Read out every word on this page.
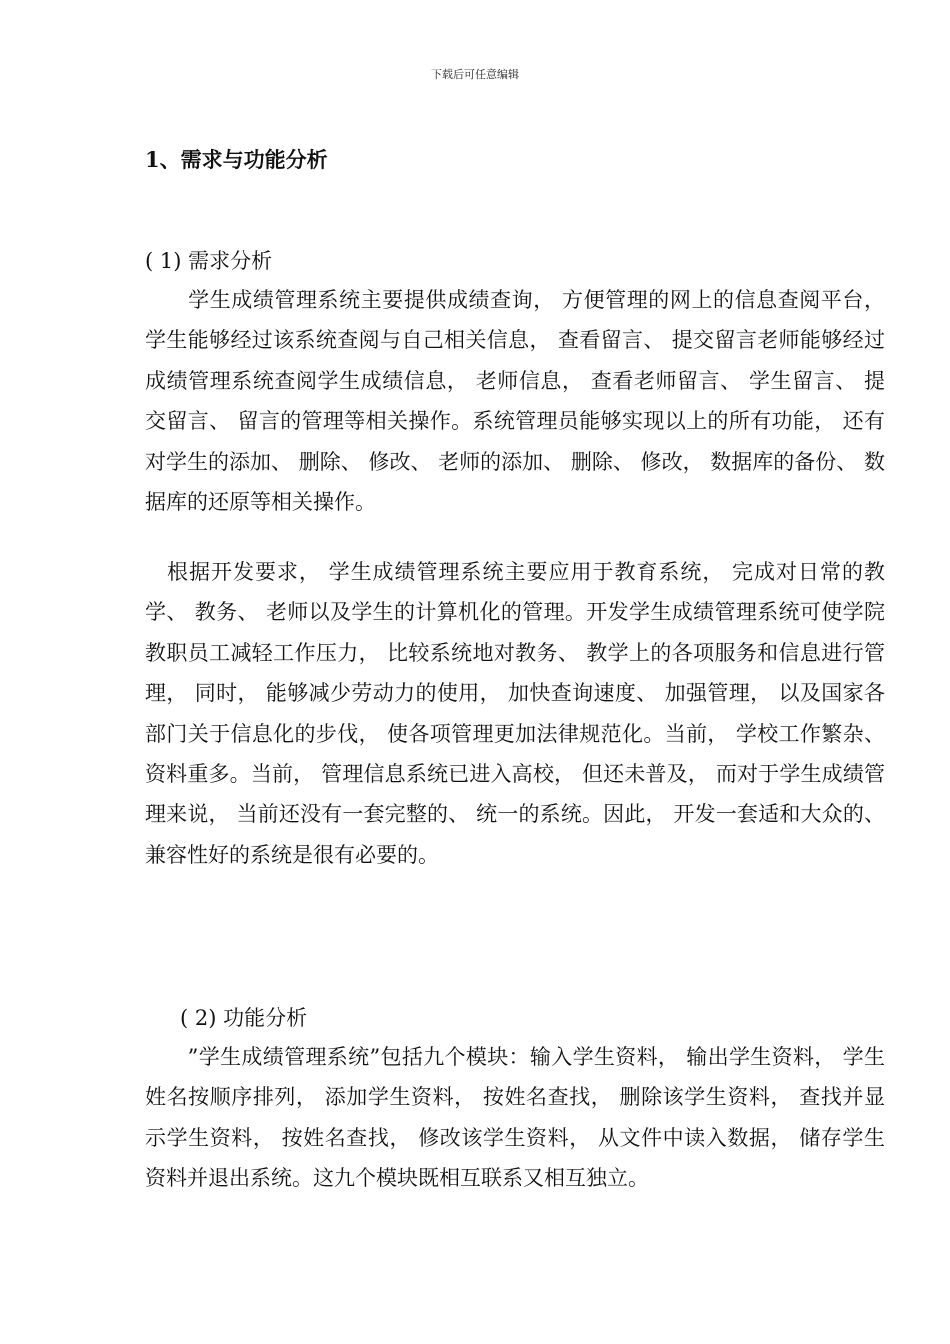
下载后可任意编辑
1、需求与功能分析
( 1) 需求分析
　　学生成绩管理系统主要提供成绩查询， 方便管理的网上的信息查阅平台， 学生能够经过该系统查阅与自己相关信息， 查看留言、 提交留言老师能够经过成绩管理系统查阅学生成绩信息， 老师信息， 查看老师留言、 学生留言、 提交留言、 留言的管理等相关操作。系统管理员能够实现以上的所有功能， 还有对学生的添加、 删除、 修改、 老师的添加、 删除、 修改， 数据库的备份、 数据库的还原等相关操作。
　根据开发要求， 学生成绩管理系统主要应用于教育系统， 完成对日常的教学、 教务、 老师以及学生的计算机化的管理。开发学生成绩管理系统可使学院教职员工减轻工作压力， 比较系统地对教务、 教学上的各项服务和信息进行管理， 同时， 能够减少劳动力的使用， 加快查询速度、 加强管理， 以及国家各部门关于信息化的步伐， 使各项管理更加法律规范化。当前， 学校工作繁杂、 资料重多。当前， 管理信息系统已进入高校， 但还未普及， 而对于学生成绩管理来说， 当前还没有一套完整的、 统一的系统。因此， 开发一套适和大众的、 兼容性好的系统是很有必要的。
( 2) 功能分析
　　”学生成绩管理系统”包括九个模块：输入学生资料， 输出学生资料， 学生姓名按顺序排列， 添加学生资料， 按姓名查找， 删除该学生资料， 查找并显示学生资料， 按姓名查找， 修改该学生资料， 从文件中读入数据， 储存学生资料并退出系统。这九个模块既相互联系又相互独立。
